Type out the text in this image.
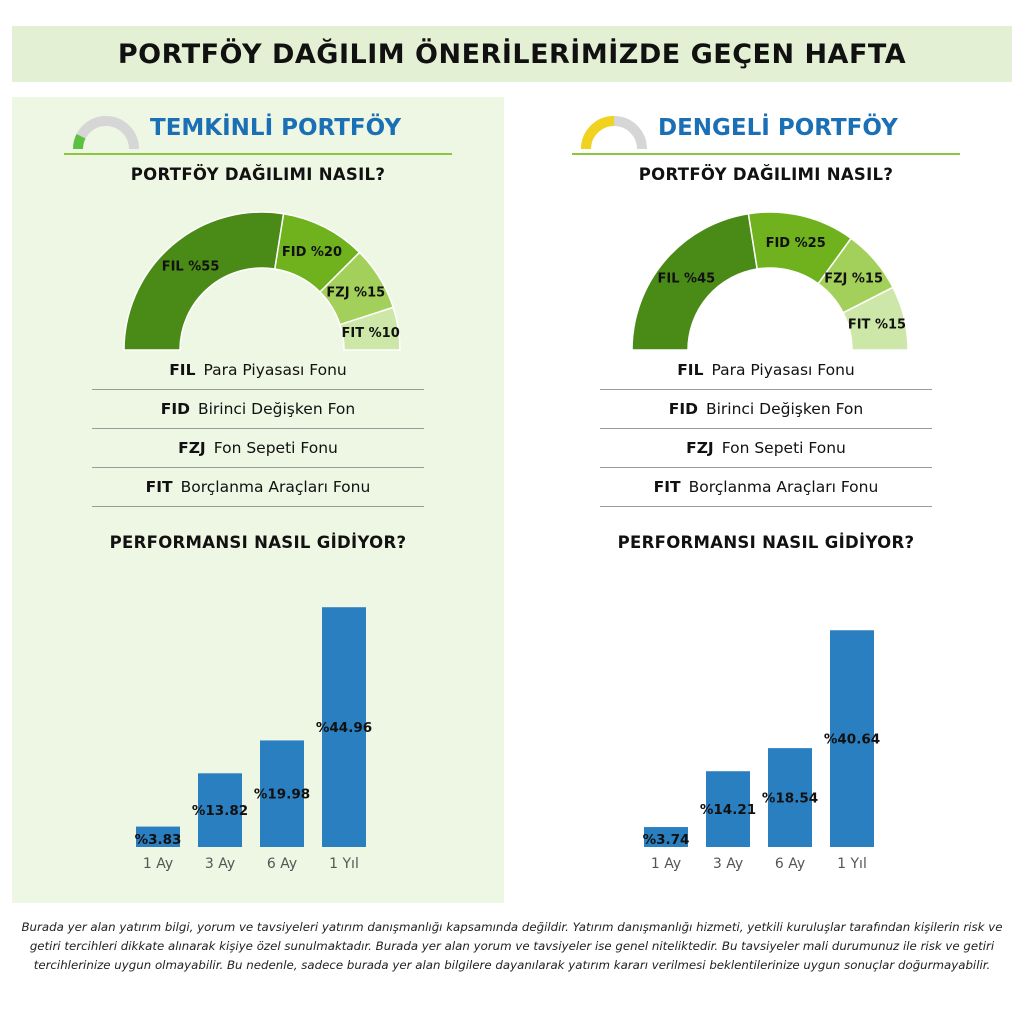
PORTFÖY DAĞILIM ÖNERİLERİMİZDE GEÇEN HAFTA
TEMKİNLİ PORTFÖY
PORTFÖY DAĞILIMI NASIL?
FIL %55
FID %20
FZJ %15
FIT %10
FIL Para Piyasası Fonu
FID Birinci Değişken Fon
FZJ Fon Sepeti Fonu
FIT Borçlanma Araçları Fonu
PERFORMANSI NASIL GİDİYOR?
%3.83
1 Ay
%13.82
3 Ay
%19.98
6 Ay
%44.96
1 Yıl
DENGELİ PORTFÖY
PORTFÖY DAĞILIMI NASIL?
FIL %45
FID %25
FZJ %15
FIT %15
FIL Para Piyasası Fonu
FID Birinci Değişken Fon
FZJ Fon Sepeti Fonu
FIT Borçlanma Araçları Fonu
PERFORMANSI NASIL GİDİYOR?
%3.74
1 Ay
%14.21
3 Ay
%18.54
6 Ay
%40.64
1 Yıl
Burada yer alan yatırım bilgi, yorum ve tavsiyeleri yatırım danışmanlığı kapsamında değildir. Yatırım danışmanlığı hizmeti, yetkili kuruluşlar tarafından kişilerin risk ve getiri tercihleri dikkate alınarak kişiye özel sunulmaktadır. Burada yer alan yorum ve tavsiyeler ise genel niteliktedir. Bu tavsiyeler mali durumunuz ile risk ve getiri tercihlerinize uygun olmayabilir. Bu nedenle, sadece burada yer alan bilgilere dayanılarak yatırım kararı verilmesi beklentilerinize uygun sonuçlar doğurmayabilir.
